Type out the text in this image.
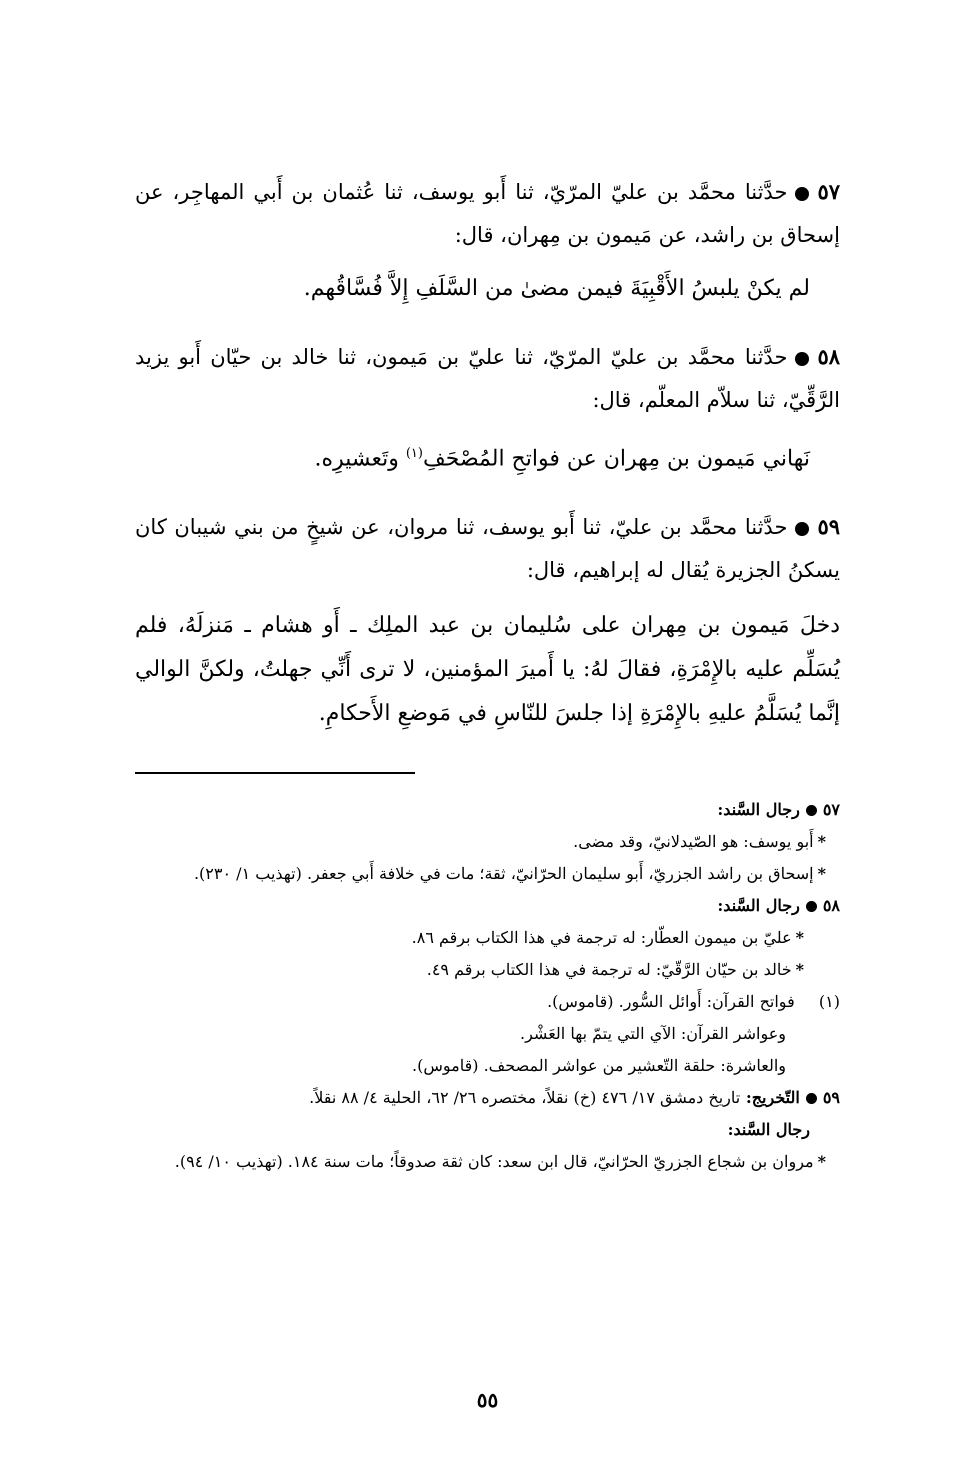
٥٧حدَّثنا محمَّد بن عليّ المرّيّ، ثنا أَبو يوسف، ثنا عُثمان بن أَبي المهاجِر، عن إسحاق بن راشد، عن مَيمون بن مِهران، قال:

لم يكنْ يلبسُ الأَقْبِيَةَ فيمن مضىٰ من السَّلَفِ إِلاَّ فُسَّاقُهم.

٥٨حدَّثنا محمَّد بن عليّ المرّيّ، ثنا عليّ بن مَيمون، ثنا خالد بن حيّان أَبو يزيد الرَّقِّيّ، ثنا سلاّم المعلّم، قال:

نَهاني مَيمون بن مِهران عن فواتحِ المُصْحَفِ$^{(١)}$ وتَعشيرِه.

٥٩حدَّثنا محمَّد بن عليّ، ثنا أَبو يوسف، ثنا مروان، عن شيخٍ من بني شيبان كان يسكنُ الجزيرة يُقال له إبراهيم، قال:

دخلَ مَيمون بن مِهران على سُليمان بن عبد الملِك ـ أَو هشام ـ مَنزلَهُ، فلم يُسَلِّم عليه بالإِمْرَةِ، فقالَ لهُ: يا أَميرَ المؤمنين، لا ترى أَنِّي جهلتُ، ولكنَّ الوالي إنَّما يُسَلَّمُ عليهِ بالإِمْرَةِ إذا جلسَ للنّاسِ في مَوضعِ الأَحكامِ.

٥٧رجال السَّند:

*أَبو يوسف: هو الصّيدلانيّ، وقد مضى.

*إسحاق بن راشد الجزريّ، أَبو سليمان الحرّانيّ، ثقة؛ مات في خلافة أَبي جعفر. (تهذيب ١/ ٢٣٠).

٥٨رجال السَّند:

*عليّ بن ميمون العطّار: له ترجمة في هذا الكتاب برقم ٨٦.

*خالد بن حيّان الرَّقّيّ: له ترجمة في هذا الكتاب برقم ٤٩.

(١)  فواتح القرآن: أَوائل السُّور. (قاموس).

وعواشر القرآن: الآي التي يتمّ بها العَشْر.

والعاشرة: حلقة التّعشير من عواشر المصحف. (قاموس).

٥٩التّخريج: تاريخ دمشق ١٧/ ٤٧٦ (خ) نقلاً، مختصره ٢٦/ ٦٢، الحلية ٤/ ٨٨ نقلاً.

رجال السَّند:

*مروان بن شجاع الجزريّ الحرّانيّ، قال ابن سعد: كان ثقة صدوقاً؛ مات سنة ١٨٤. (تهذيب ١٠/ ٩٤).

٥٥
